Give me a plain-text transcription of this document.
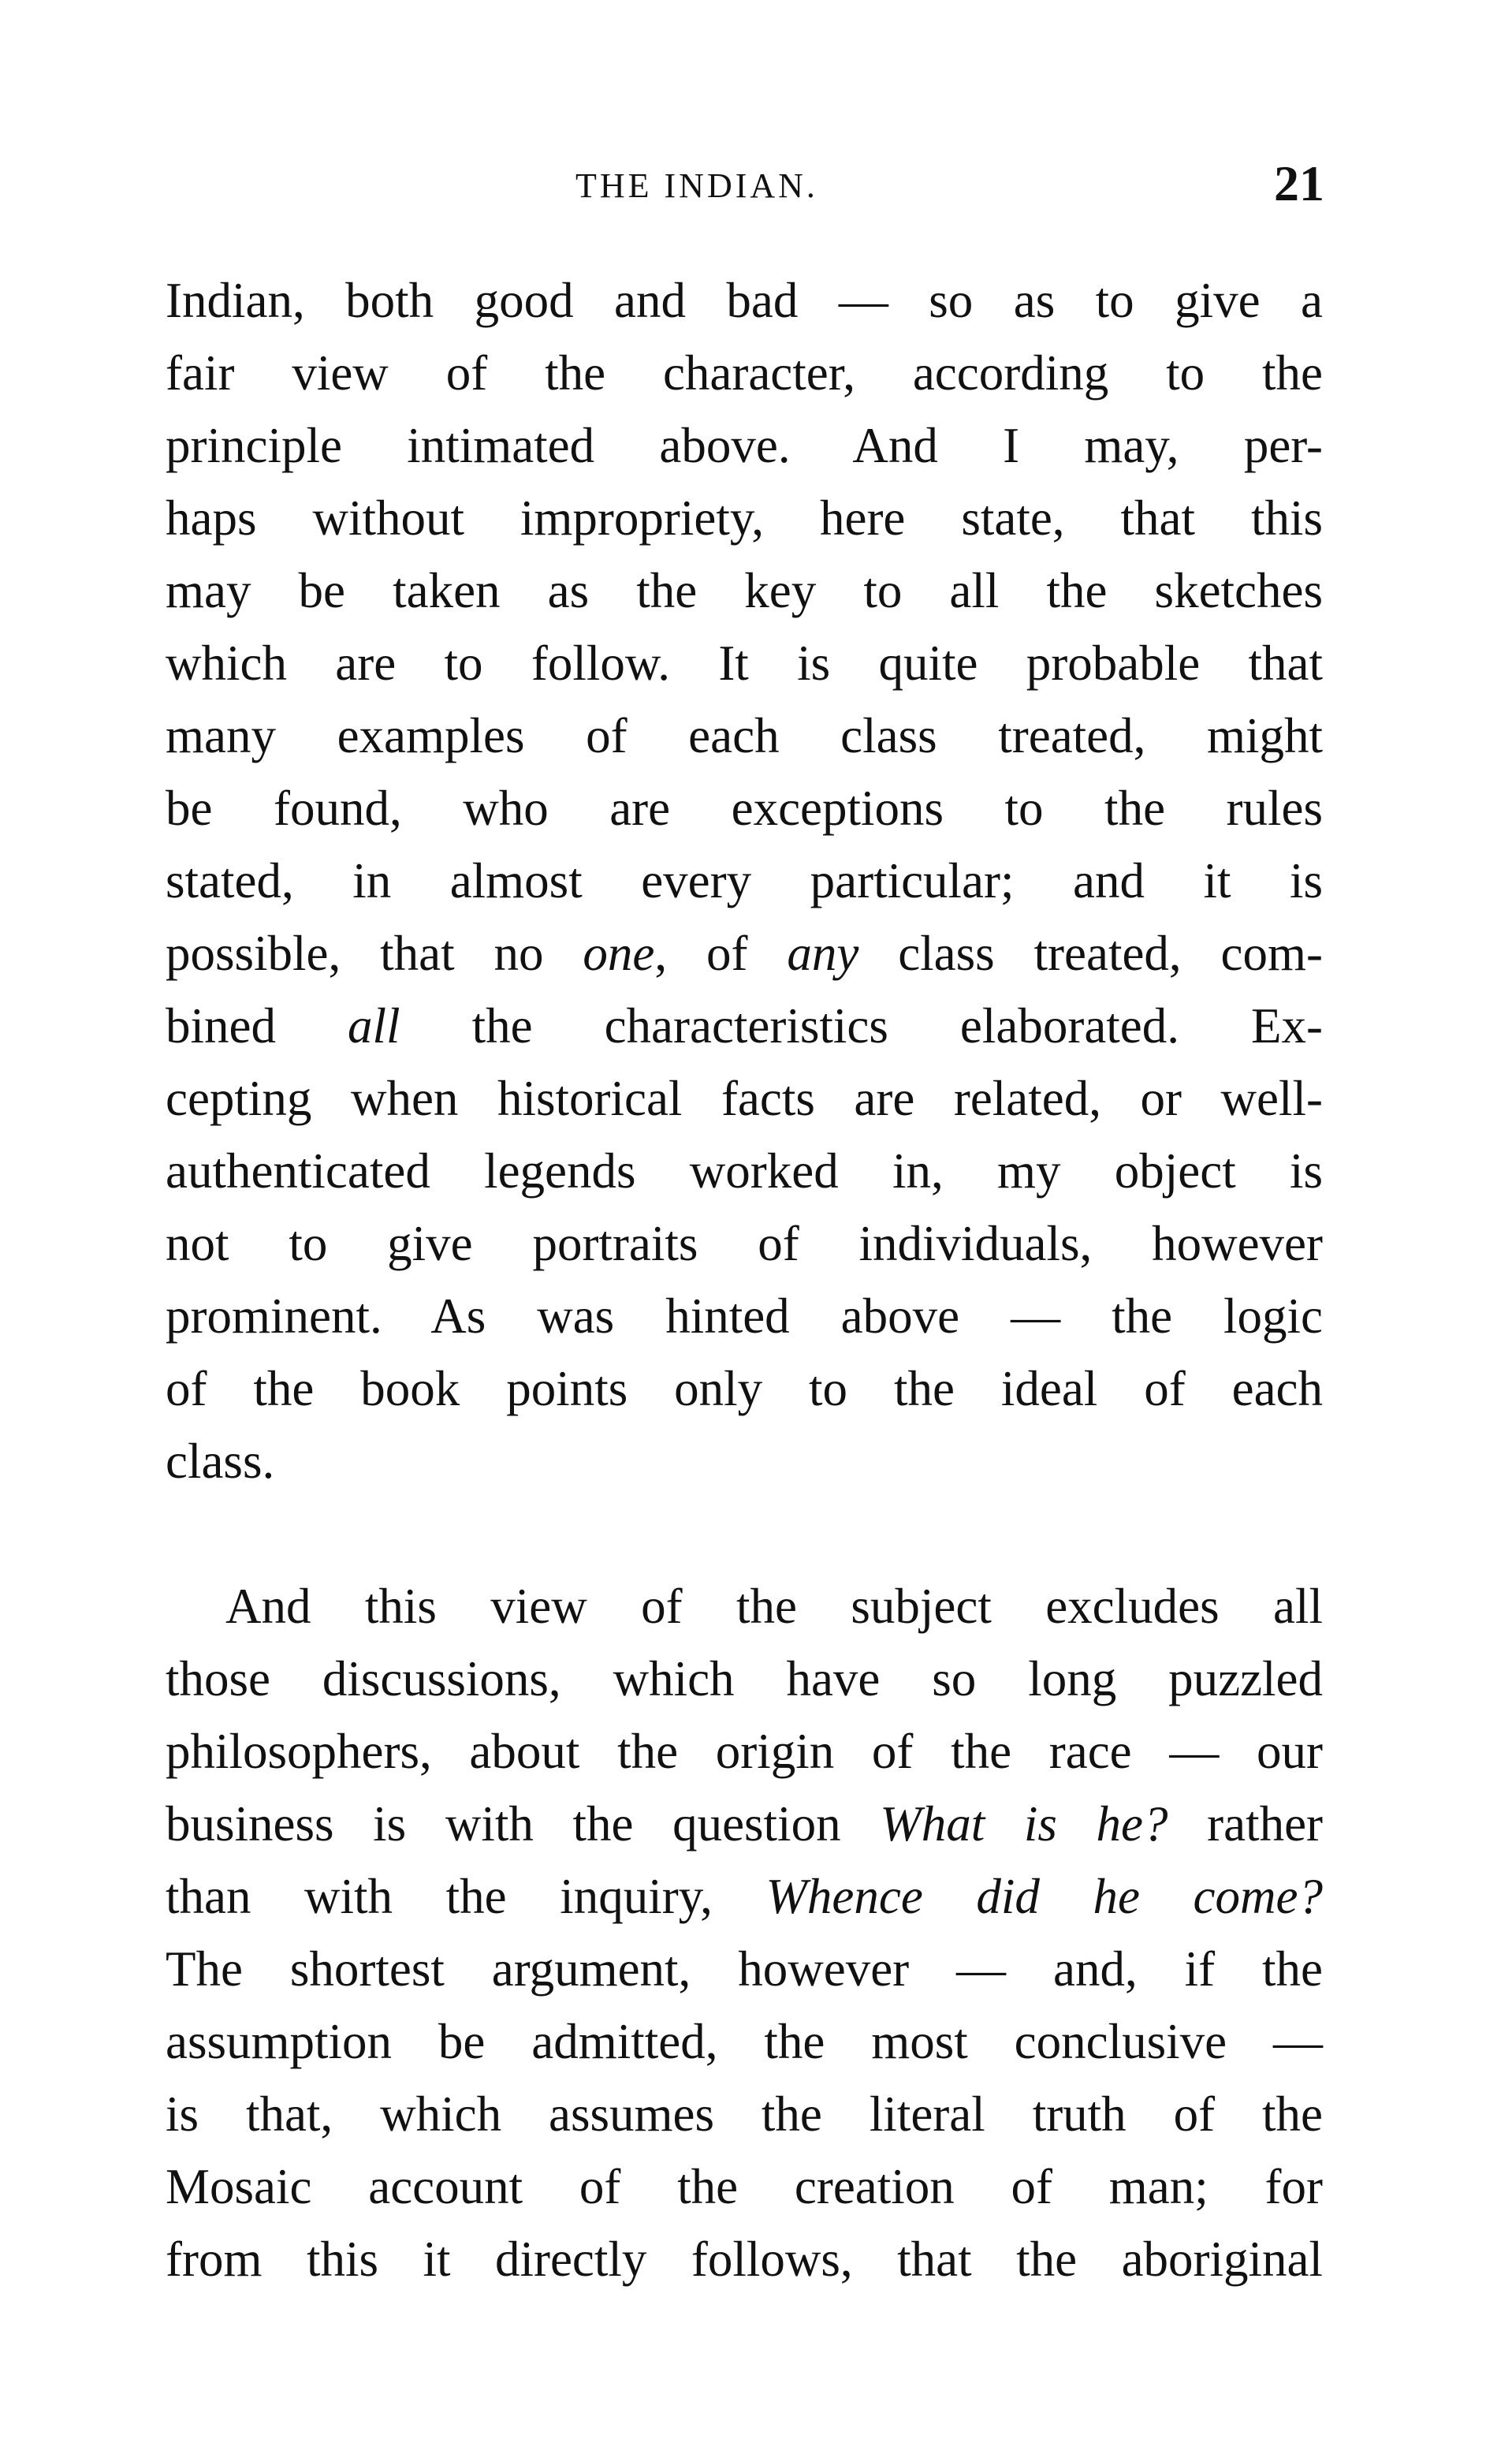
THE INDIAN.	21
Indian, both good and bad — so as to give a
fair view of the character, according to the
principle intimated above. And I may, per-
haps without impropriety, here state, that this
may be taken as the key to all the sketches
which are to follow. It is quite probable that
many examples of each class treated, might
be found, who are exceptions to the rules
stated, in almost every particular; and it is
possible, that no one, of any class treated, com-
bined all the characteristics elaborated. Ex-
cepting when historical facts are related, or well-
authenticated legends worked in, my object is
not to give portraits of individuals, however
prominent. As was hinted above — the logic
of the book points only to the ideal of each
class.
And this view of the subject excludes all
those discussions, which have so long puzzled
philosophers, about the origin of the race — our
business is with the question What is he? rather
than with the inquiry, Whence did he come?
The shortest argument, however — and, if the
assumption be admitted, the most conclusive —
is that, which assumes the literal truth of the
Mosaic account of the creation of man; for
from this it directly follows, that the aboriginal
